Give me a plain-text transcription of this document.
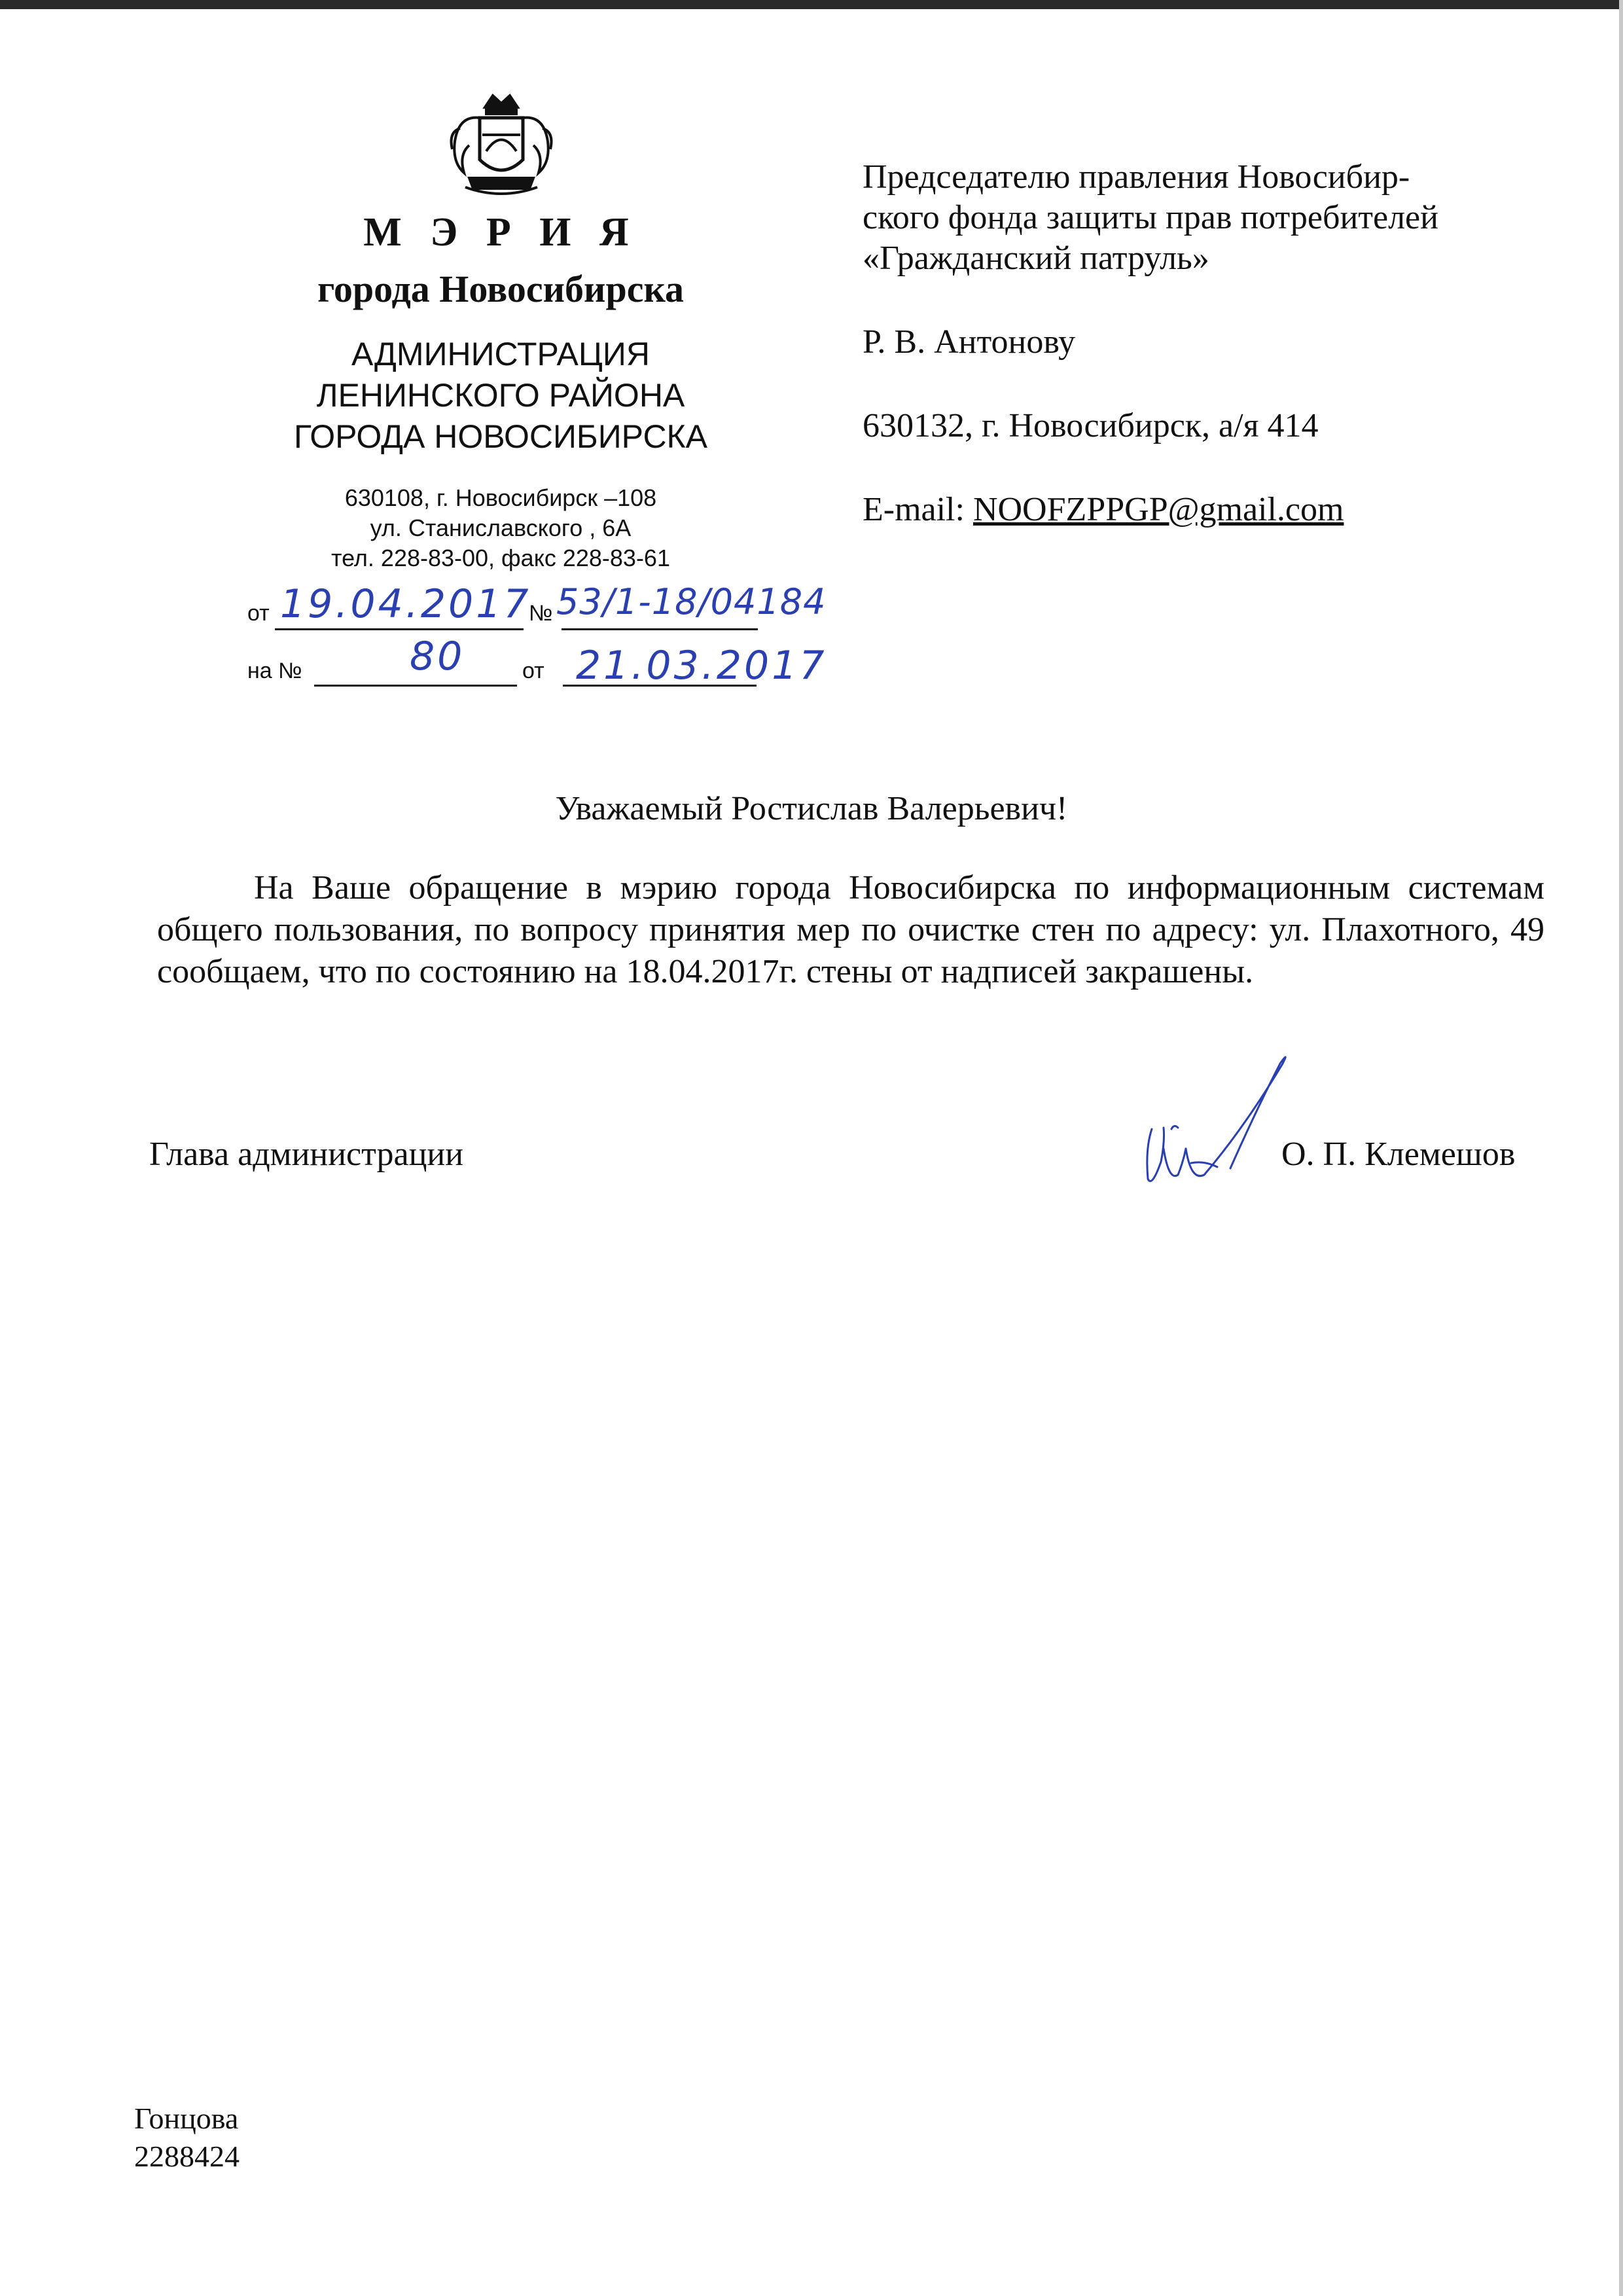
М Э Р И Я
города Новосибирска
АДМИНИСТРАЦИЯ
ЛЕНИНСКОГО РАЙОНА
ГОРОДА НОВОСИБИРСКА
630108, г. Новосибирск –108
ул. Станиславского , 6А
тел. 228-83-00, факс 228-83-61
от 19.04.2017
№ 53/1-18/04184
на №	80	от 21.03.2017

Председателю правления Новосибир-

ского фонда защиты прав потребителей

«Гражданский патруль»

Р. В. Антонову

630132, г. Новосибирск, а/я 414

E-mail: NOOFZPPGP@gmail.com

Уважаемый Ростислав Валерьевич!
На Ваше обращение в мэрию города Новосибирска по информационным системам общего пользования, по вопросу принятия мер по очистке стен по адресу: ул. Плахотного, 49 сообщаем, что по состоянию на 18.04.2017г. стены от надписей закрашены.
Глава администрации	О. П. Клемешов
Гонцова
2288424
